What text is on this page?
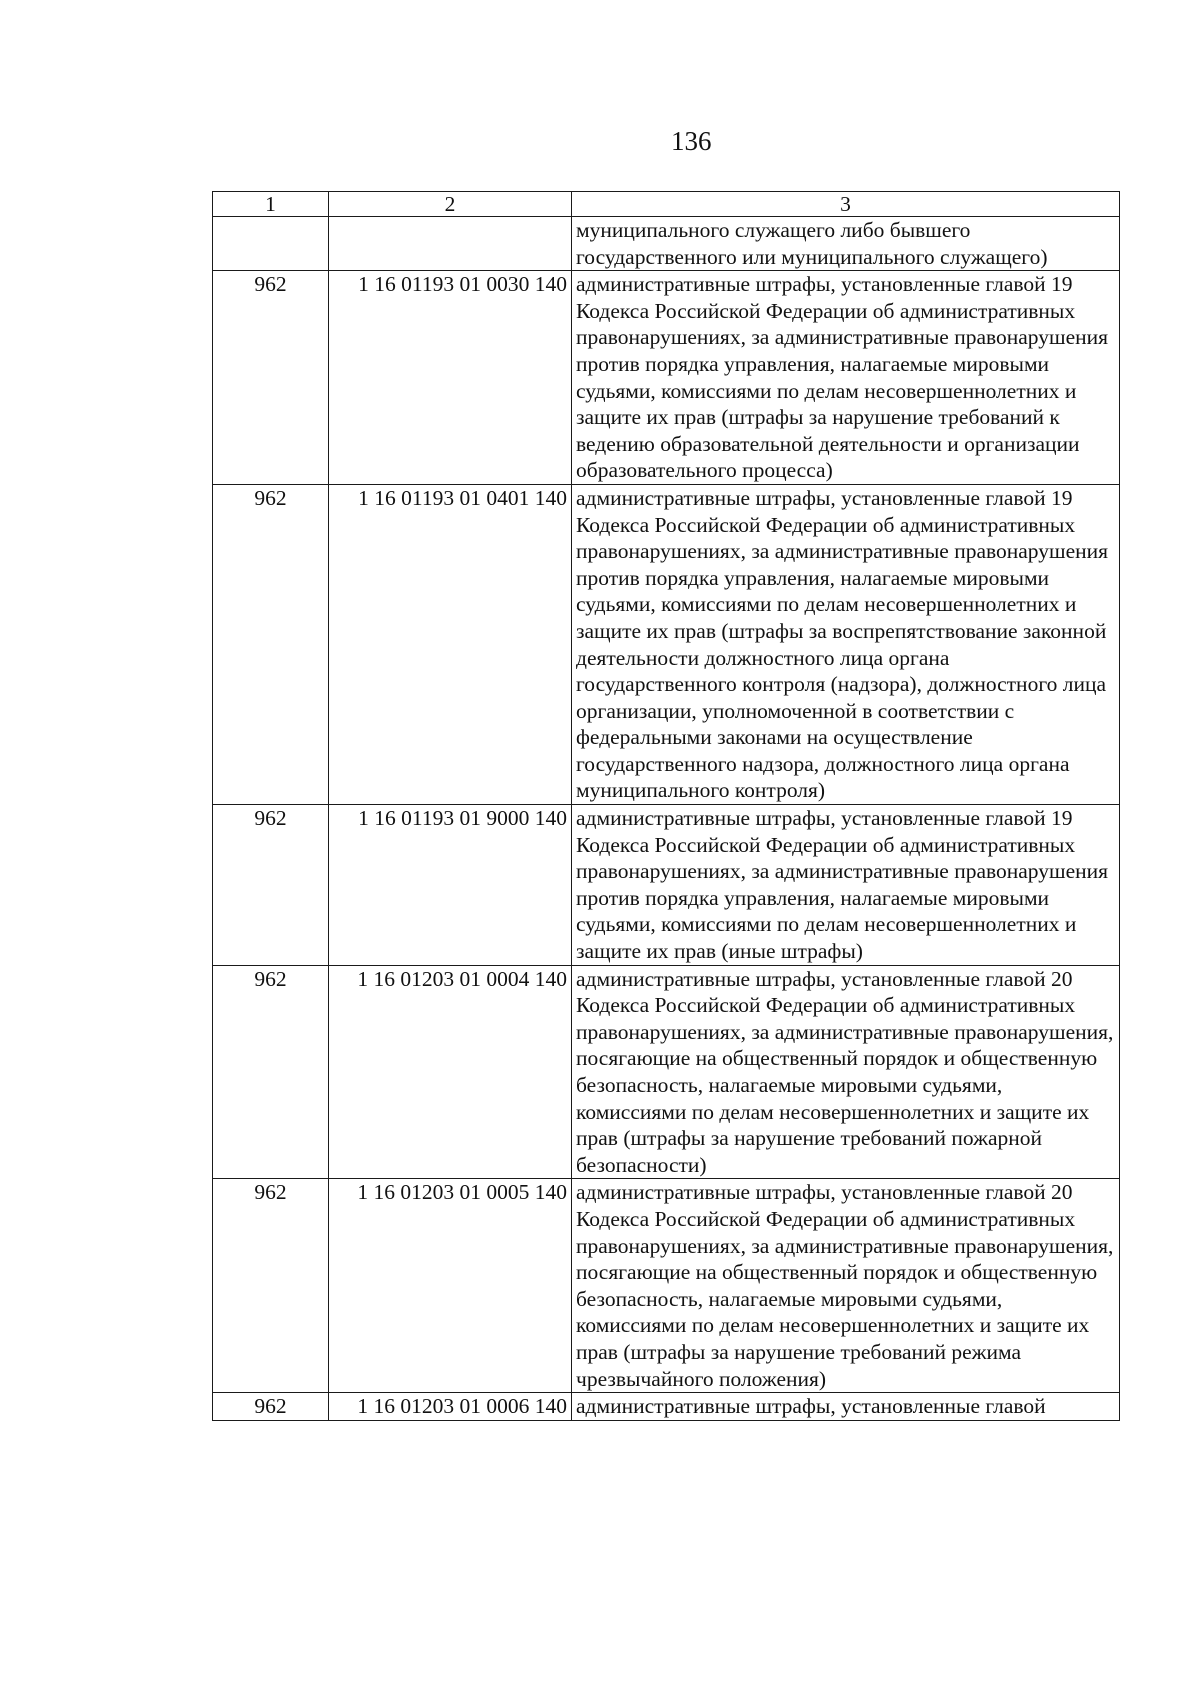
136
1	2	3
		муниципального служащего либо бывшего государственного или муниципального служащего)
962	1 16 01193 01 0030 140	административные штрафы, установленные главой 19 Кодекса Российской Федерации об административных правонарушениях, за административные правонарушения против порядка управления, налагаемые мировыми судьями, комиссиями по делам несовершеннолетних и защите их прав (штрафы за нарушение требований к ведению образовательной деятельности и организации образовательного процесса)
962	1 16 01193 01 0401 140	административные штрафы, установленные главой 19 Кодекса Российской Федерации об административных правонарушениях, за административные правонарушения против порядка управления, налагаемые мировыми судьями, комиссиями по делам несовершеннолетних и защите их прав (штрафы за воспрепятствование законной деятельности должностного лица органа государственного контроля (надзора), должностного лица организации, уполномоченной в соответствии с федеральными законами на осуществление государственного надзора, должностного лица органа муниципального контроля)
962	1 16 01193 01 9000 140	административные штрафы, установленные главой 19 Кодекса Российской Федерации об административных правонарушениях, за административные правонарушения против порядка управления, налагаемые мировыми судьями, комиссиями по делам несовершеннолетних и защите их прав (иные штрафы)
962	1 16 01203 01 0004 140	административные штрафы, установленные главой 20 Кодекса Российской Федерации об административных правонарушениях, за административные правонарушения, посягающие на общественный порядок и общественную безопасность, налагаемые мировыми судьями, комиссиями по делам несовершеннолетних и защите их прав (штрафы за нарушение требований пожарной безопасности)
962	1 16 01203 01 0005 140	административные штрафы, установленные главой 20 Кодекса Российской Федерации об административных правонарушениях, за административные правонарушения, посягающие на общественный порядок и общественную безопасность, налагаемые мировыми судьями, комиссиями по делам несовершеннолетних и защите их прав (штрафы за нарушение требований режима чрезвычайного положения)
962	1 16 01203 01 0006 140	административные штрафы, установленные главой
